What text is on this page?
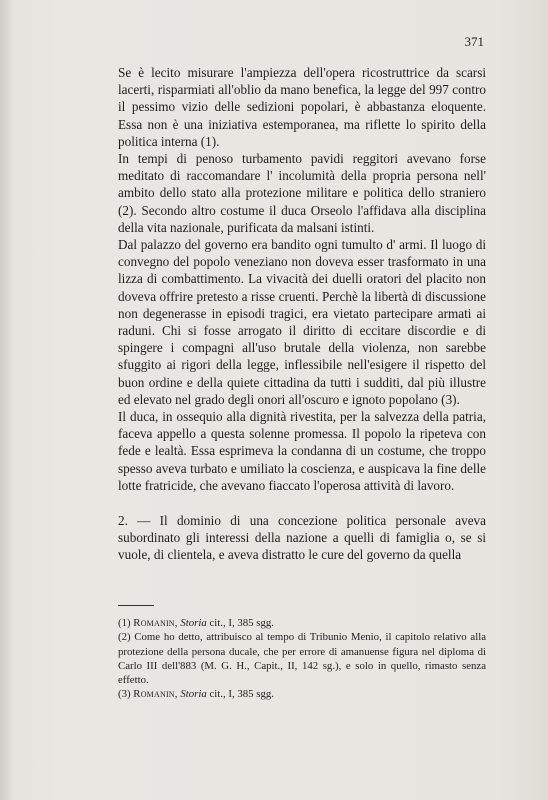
371

Se è lecito misurare l'ampiezza dell'opera ricostruttrice da scarsi lacerti, risparmiati all'oblio da mano benefica, la legge del 997 contro il pessimo vizio delle sedizioni popolari, è abbastanza eloquente. Essa non è una iniziativa estemporanea, ma riflette lo spirito della politica interna (1).

In tempi di penoso turbamento pavidi reggitori avevano forse meditato di raccomandare l' incolumità della propria persona nell' ambito dello stato alla protezione militare e politica dello straniero (2). Secondo altro costume il duca Orseolo l'affidava alla disciplina della vita nazionale, purificata da malsani istinti.

Dal palazzo del governo era bandito ogni tumulto d' armi. Il luogo di convegno del popolo veneziano non doveva esser trasformato in una lizza di combattimento. La vivacità dei duelli oratori del placito non doveva offrire pretesto a risse cruenti. Perchè la libertà di discussione non degenerasse in episodi tragici, era vietato partecipare armati ai raduni. Chi si fosse arrogato il diritto di eccitare discordie e di spingere i compagni all'uso brutale della violenza, non sarebbe sfuggito ai rigori della legge, inflessibile nell'esigere il rispetto del buon ordine e della quiete cittadina da tutti i sudditi, dal più illustre ed elevato nel grado degli onori all'oscuro e ignoto popolano (3).

Il duca, in ossequio alla dignità rivestita, per la salvezza della patria, faceva appello a questa solenne promessa. Il popolo la ripeteva con fede e lealtà. Essa esprimeva la condanna di un costume, che troppo spesso aveva turbato e umiliato la coscienza, e auspicava la fine delle lotte fratricide, che avevano fiaccato l'operosa attività di lavoro.

2. — Il dominio di una concezione politica personale aveva subordinato gli interessi della nazione a quelli di famiglia o, se si vuole, di clientela, e aveva distratto le cure del governo da quella

(1) Romanin, Storia cit., I, 385 sgg.

(2) Come ho detto, attribuisco al tempo di Tribunio Menio, il capitolo relativo alla protezione della persona ducale, che per errore di amanuense figura nel diploma di Carlo III dell'883 (M. G. H., Capit., II, 142 sg.), e solo in quello, rimasto senza effetto.

(3) Romanin, Storia cit., I, 385 sgg.
